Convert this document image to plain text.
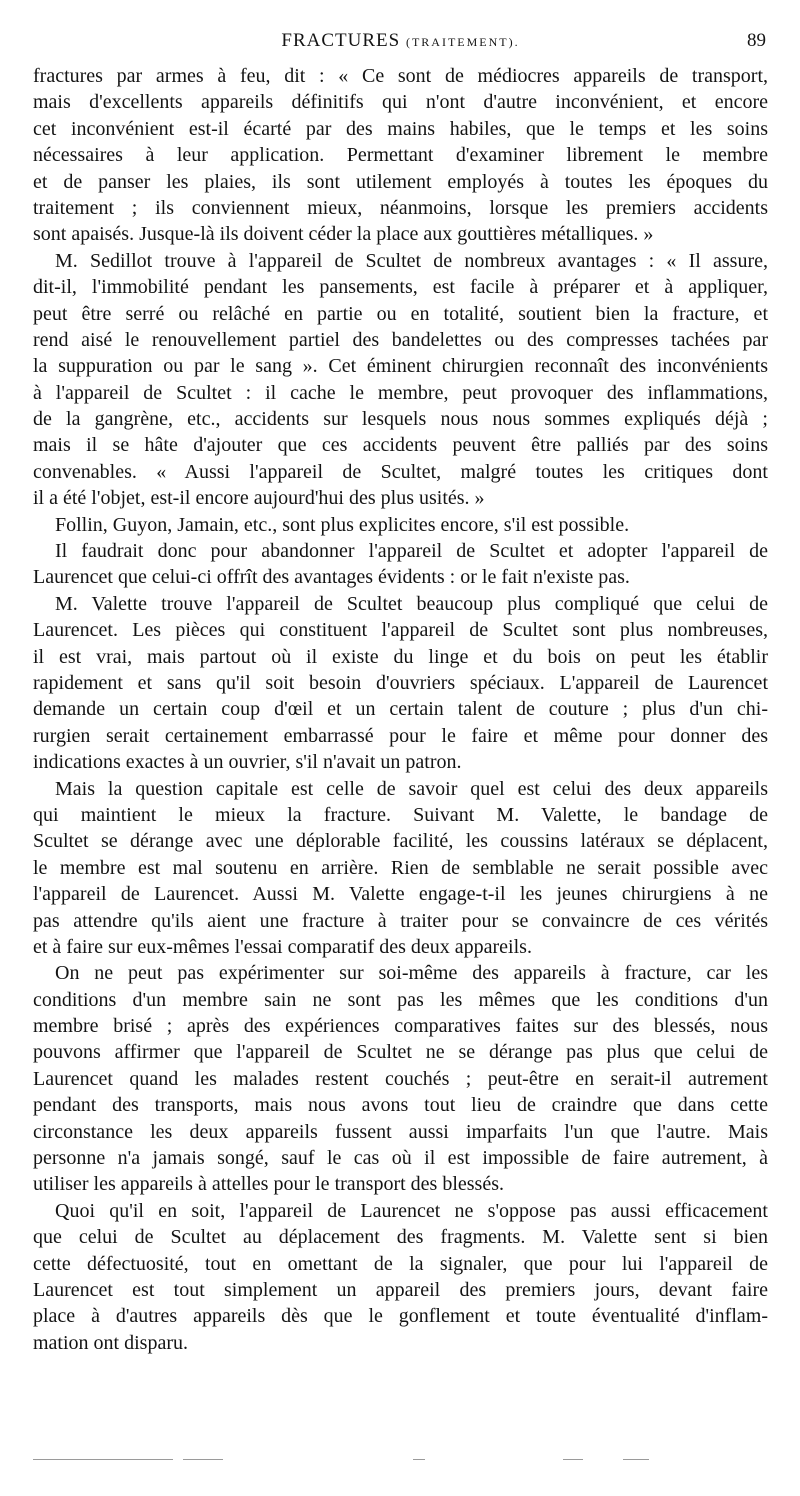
FRACTURES (TRAITEMENT).	89
fractures par armes à feu, dit : « Ce sont de médiocres appareils de transport,
mais d'excellents appareils définitifs qui n'ont d'autre inconvénient, et encore
cet inconvénient est-il écarté par des mains habiles, que le temps et les soins
nécessaires à leur application. Permettant d'examiner librement le membre
et de panser les plaies, ils sont utilement employés à toutes les époques du
traitement ; ils conviennent mieux, néanmoins, lorsque les premiers accidents
sont apaisés. Jusque-là ils doivent céder la place aux gouttières métalliques. »
M. Sedillot trouve à l'appareil de Scultet de nombreux avantages : « Il assure,
dit-il, l'immobilité pendant les pansements, est facile à préparer et à appliquer,
peut être serré ou relâché en partie ou en totalité, soutient bien la fracture, et
rend aisé le renouvellement partiel des bandelettes ou des compresses tachées par
la suppuration ou par le sang ». Cet éminent chirurgien reconnaît des inconvénients
à l'appareil de Scultet : il cache le membre, peut provoquer des inflammations,
de la gangrène, etc., accidents sur lesquels nous nous sommes expliqués déjà ;
mais il se hâte d'ajouter que ces accidents peuvent être palliés par des soins
convenables. « Aussi l'appareil de Scultet, malgré toutes les critiques dont
il a été l'objet, est-il encore aujourd'hui des plus usités. »
Follin, Guyon, Jamain, etc., sont plus explicites encore, s'il est possible.
Il faudrait donc pour abandonner l'appareil de Scultet et adopter l'appareil de
Laurencet que celui-ci offrît des avantages évidents : or le fait n'existe pas.
M. Valette trouve l'appareil de Scultet beaucoup plus compliqué que celui de
Laurencet. Les pièces qui constituent l'appareil de Scultet sont plus nombreuses,
il est vrai, mais partout où il existe du linge et du bois on peut les établir
rapidement et sans qu'il soit besoin d'ouvriers spéciaux. L'appareil de Laurencet
demande un certain coup d'œil et un certain talent de couture ; plus d'un chi-
rurgien serait certainement embarrassé pour le faire et même pour donner des
indications exactes à un ouvrier, s'il n'avait un patron.
Mais la question capitale est celle de savoir quel est celui des deux appareils
qui maintient le mieux la fracture. Suivant M. Valette, le bandage de
Scultet se dérange avec une déplorable facilité, les coussins latéraux se déplacent,
le membre est mal soutenu en arrière. Rien de semblable ne serait possible avec
l'appareil de Laurencet. Aussi M. Valette engage-t-il les jeunes chirurgiens à ne
pas attendre qu'ils aient une fracture à traiter pour se convaincre de ces vérités
et à faire sur eux-mêmes l'essai comparatif des deux appareils.
On ne peut pas expérimenter sur soi-même des appareils à fracture, car les
conditions d'un membre sain ne sont pas les mêmes que les conditions d'un
membre brisé ; après des expériences comparatives faites sur des blessés, nous
pouvons affirmer que l'appareil de Scultet ne se dérange pas plus que celui de
Laurencet quand les malades restent couchés ; peut-être en serait-il autrement
pendant des transports, mais nous avons tout lieu de craindre que dans cette
circonstance les deux appareils fussent aussi imparfaits l'un que l'autre. Mais
personne n'a jamais songé, sauf le cas où il est impossible de faire autrement, à
utiliser les appareils à attelles pour le transport des blessés.
Quoi qu'il en soit, l'appareil de Laurencet ne s'oppose pas aussi efficacement
que celui de Scultet au déplacement des fragments. M. Valette sent si bien
cette défectuosité, tout en omettant de la signaler, que pour lui l'appareil de
Laurencet est tout simplement un appareil des premiers jours, devant faire
place à d'autres appareils dès que le gonflement et toute éventualité d'inflam-
mation ont disparu.
